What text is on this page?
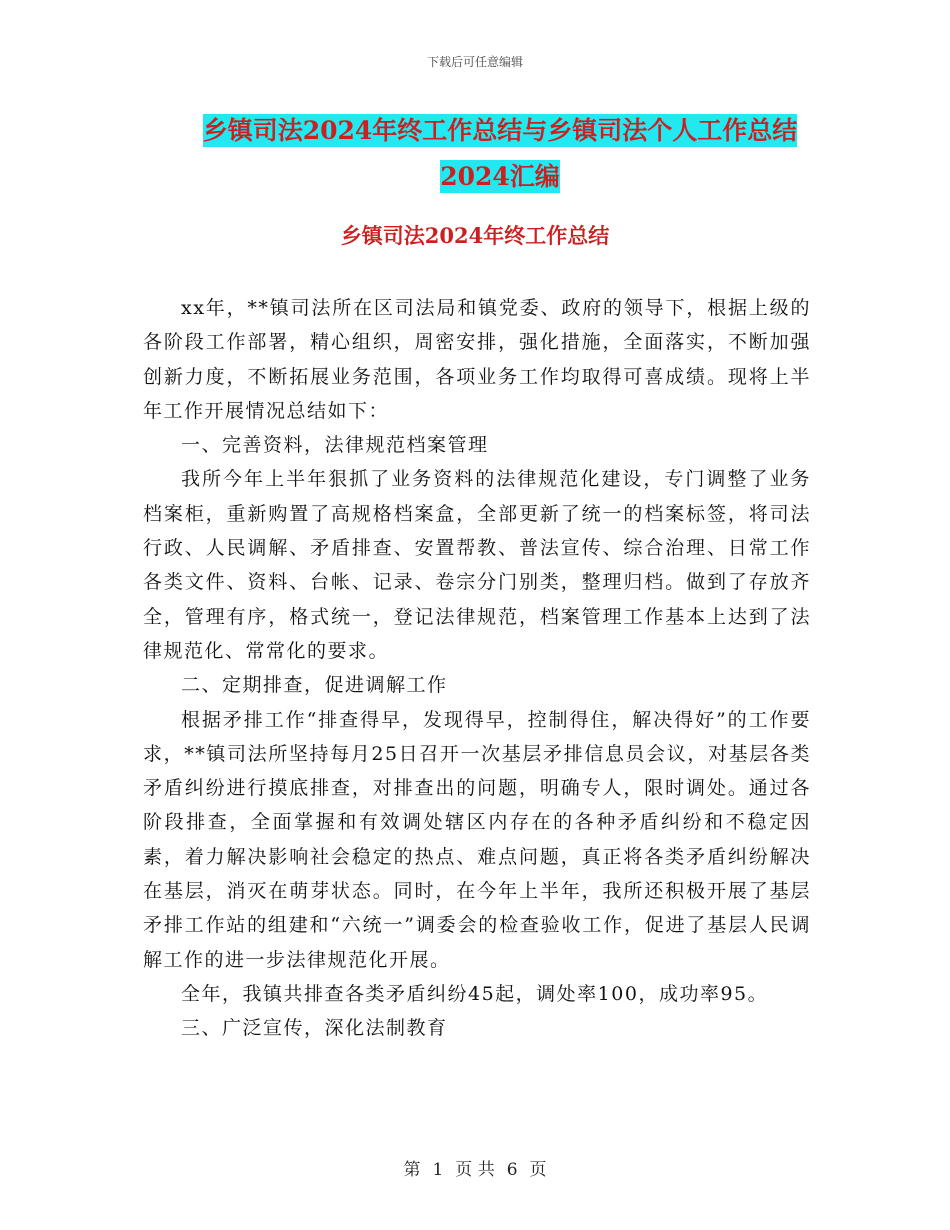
下载后可任意编辑
乡镇司法2024年终工作总结与乡镇司法个人工作总结
2024汇编
乡镇司法2024年终工作总结

xx年，**镇司法所在区司法局和镇党委、政府的领导下，根据上级的各阶段工作部署，精心组织，周密安排，强化措施，全面落实，不断加强创新力度，不断拓展业务范围，各项业务工作均取得可喜成绩。现将上半年工作开展情况总结如下：

一、完善资料，法律规范档案管理

我所今年上半年狠抓了业务资料的法律规范化建设，专门调整了业务档案柜，重新购置了高规格档案盒，全部更新了统一的档案标签，将司法行政、人民调解、矛盾排查、安置帮教、普法宣传、综合治理、日常工作各类文件、资料、台帐、记录、卷宗分门别类，整理归档。做到了存放齐全，管理有序，格式统一，登记法律规范，档案管理工作基本上达到了法律规范化、常常化的要求。

二、定期排查，促进调解工作

根据矛排工作“排查得早，发现得早，控制得住，解决得好”的工作要求，**镇司法所坚持每月25日召开一次基层矛排信息员会议，对基层各类矛盾纠纷进行摸底排查，对排查出的问题，明确专人，限时调处。通过各阶段排查，全面掌握和有效调处辖区内存在的各种矛盾纠纷和不稳定因素，着力解决影响社会稳定的热点、难点问题，真正将各类矛盾纠纷解决在基层，消灭在萌芽状态。同时，在今年上半年，我所还积极开展了基层矛排工作站的组建和“六统一”调委会的检查验收工作，促进了基层人民调解工作的进一步法律规范化开展。

全年，我镇共排查各类矛盾纠纷45起，调处率100，成功率95。

三、广泛宣传，深化法制教育

第 1 页 共 6 页
